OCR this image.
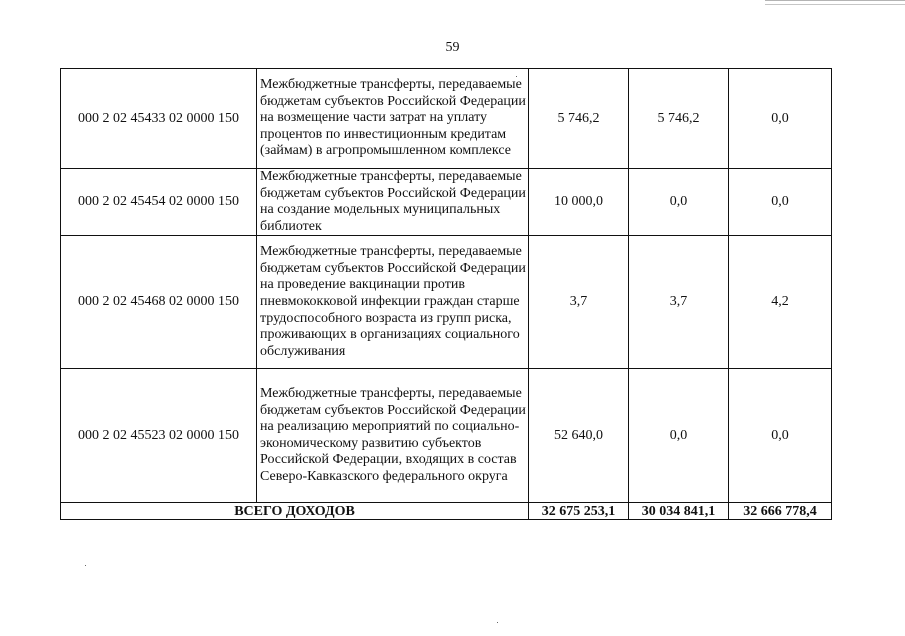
59
000 2 02 45433 02 0000 150	Межбюджетные трансферты, передаваемые бюджетам субъектов Российской Федерации на возмещение части затрат на уплату процентов по инвестиционным кредитам (займам) в агропромышленном комплексе	5 746,2	5 746,2	0,0
000 2 02 45454 02 0000 150	Межбюджетные трансферты, передаваемые бюджетам субъектов Российской Федерации на создание модельных муниципальных библиотек	10 000,0	0,0	0,0
000 2 02 45468 02 0000 150	Межбюджетные трансферты, передаваемые бюджетам субъектов Российской Федерации на проведение вакцинации против пневмококковой инфекции граждан старше трудоспособного возраста из групп риска, проживающих в организациях социального обслуживания	3,7	3,7	4,2
000 2 02 45523 02 0000 150	Межбюджетные трансферты, передаваемые бюджетам субъектов Российской Федерации на реализацию мероприятий по социально-экономическому развитию субъектов Российской Федерации, входящих в состав Северо-Кавказского федерального округа	52 640,0	0,0	0,0
ВСЕГО ДОХОДОВ		32 675 253,1	30 034 841,1	32 666 778,4
